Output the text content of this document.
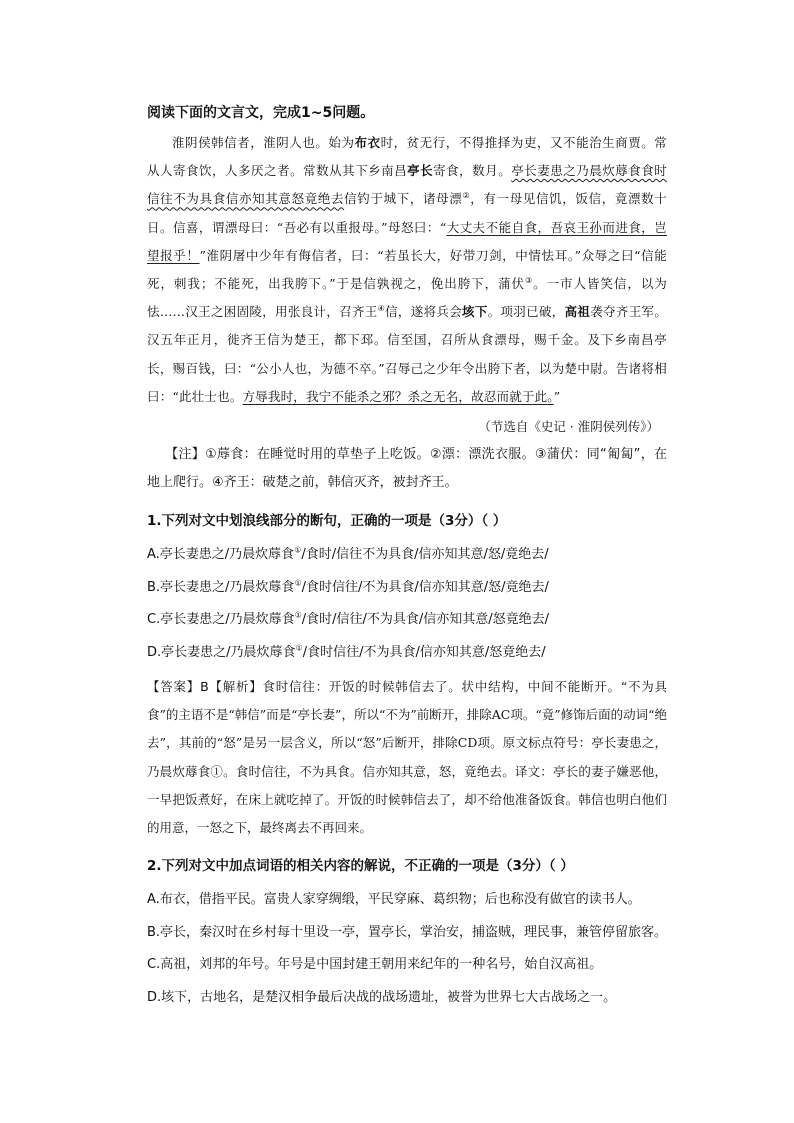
阅读下面的文言文，完成1~5问题。

淮阴侯韩信者，淮阴人也。始为布衣时，贫无行，不得推择为吏，又不能治生商贾。常从人寄食饮，人多厌之者。常数从其下乡南昌亭长寄食，数月。亭长妻患之乃晨炊蓐食食时信往不为具食信亦知其意怒竟绝去信钓于城下，诸母漂②，有一母见信饥，饭信，竟漂数十日。信喜，谓漂母曰：“吾必有以重报母。”母怒曰：“大丈夫不能自食，吾哀王孙而进食，岂望报乎！”淮阴屠中少年有侮信者，曰：“若虽长大，好带刀剑，中情怯耳。”众辱之曰“信能死，刺我；不能死，出我胯下。”于是信孰视之，俛出胯下，蒲伏③。一市人皆笑信，以为怯……汉王之困固陵，用张良计，召齐王④信，遂将兵会垓下。项羽已破，高祖袭夺齐王军。汉五年正月，徙齐王信为楚王，都下邳。信至国，召所从食漂母，赐千金。及下乡南昌亭长，赐百钱，曰：“公小人也，为德不卒。”召辱己之少年令出胯下者，以为楚中尉。告诸将相曰：“此壮士也。方辱我时，我宁不能杀之邪？杀之无名，故忍而就于此。”

（节选自《史记 · 淮阴侯列传》）

【注】①蓐食：在睡觉时用的草垫子上吃饭。②漂：漂洗衣服。③蒲伏：同“匍匐”，在地上爬行。④齐王：破楚之前，韩信灭齐，被封齐王。

1.下列对文中划浪线部分的断句，正确的一项是（3分）（ ）

A.亭长妻患之/乃晨炊蓐食①/食时/信往不为具食/信亦知其意/怒/竟绝去/

B.亭长妻患之/乃晨炊蓐食①/食时信往/不为具食/信亦知其意/怒/竟绝去/

C.亭长妻患之/乃晨炊蓐食①/食时/信往/不为具食/信亦知其意/怒竟绝去/

D.亭长妻患之/乃晨炊蓐食①/食时信往/不为具食/信亦知其意/怒竟绝去/

【答案】B【解析】食时信往：开饭的时候韩信去了。状中结构，中间不能断开。“不为具食”的主语不是“韩信”而是“亭长妻”，所以“不为”前断开，排除AC项。“竟”修饰后面的动词“绝去”，其前的“怒”是另一层含义，所以“怒”后断开，排除CD项。原文标点符号：亭长妻患之，乃晨炊蓐食①。食时信往，不为具食。信亦知其意，怒，竟绝去。译文：亭长的妻子嫌恶他，一早把饭煮好，在床上就吃掉了。开饭的时候韩信去了，却不给他准备饭食。韩信也明白他们的用意，一怒之下，最终离去不再回来。

2.下列对文中加点词语的相关内容的解说，不正确的一项是（3分）（ ）

A.布衣，借指平民。富贵人家穿绸缎，平民穿麻、葛织物；后也称没有做官的读书人。

B.亭长，秦汉时在乡村每十里设一亭，置亭长，掌治安，捕盗贼，理民事，兼管停留旅客。

C.高祖，刘邦的年号。年号是中国封建王朝用来纪年的一种名号，始自汉高祖。

D.垓下，古地名，是楚汉相争最后决战的战场遗址，被誉为世界七大古战场之一。
